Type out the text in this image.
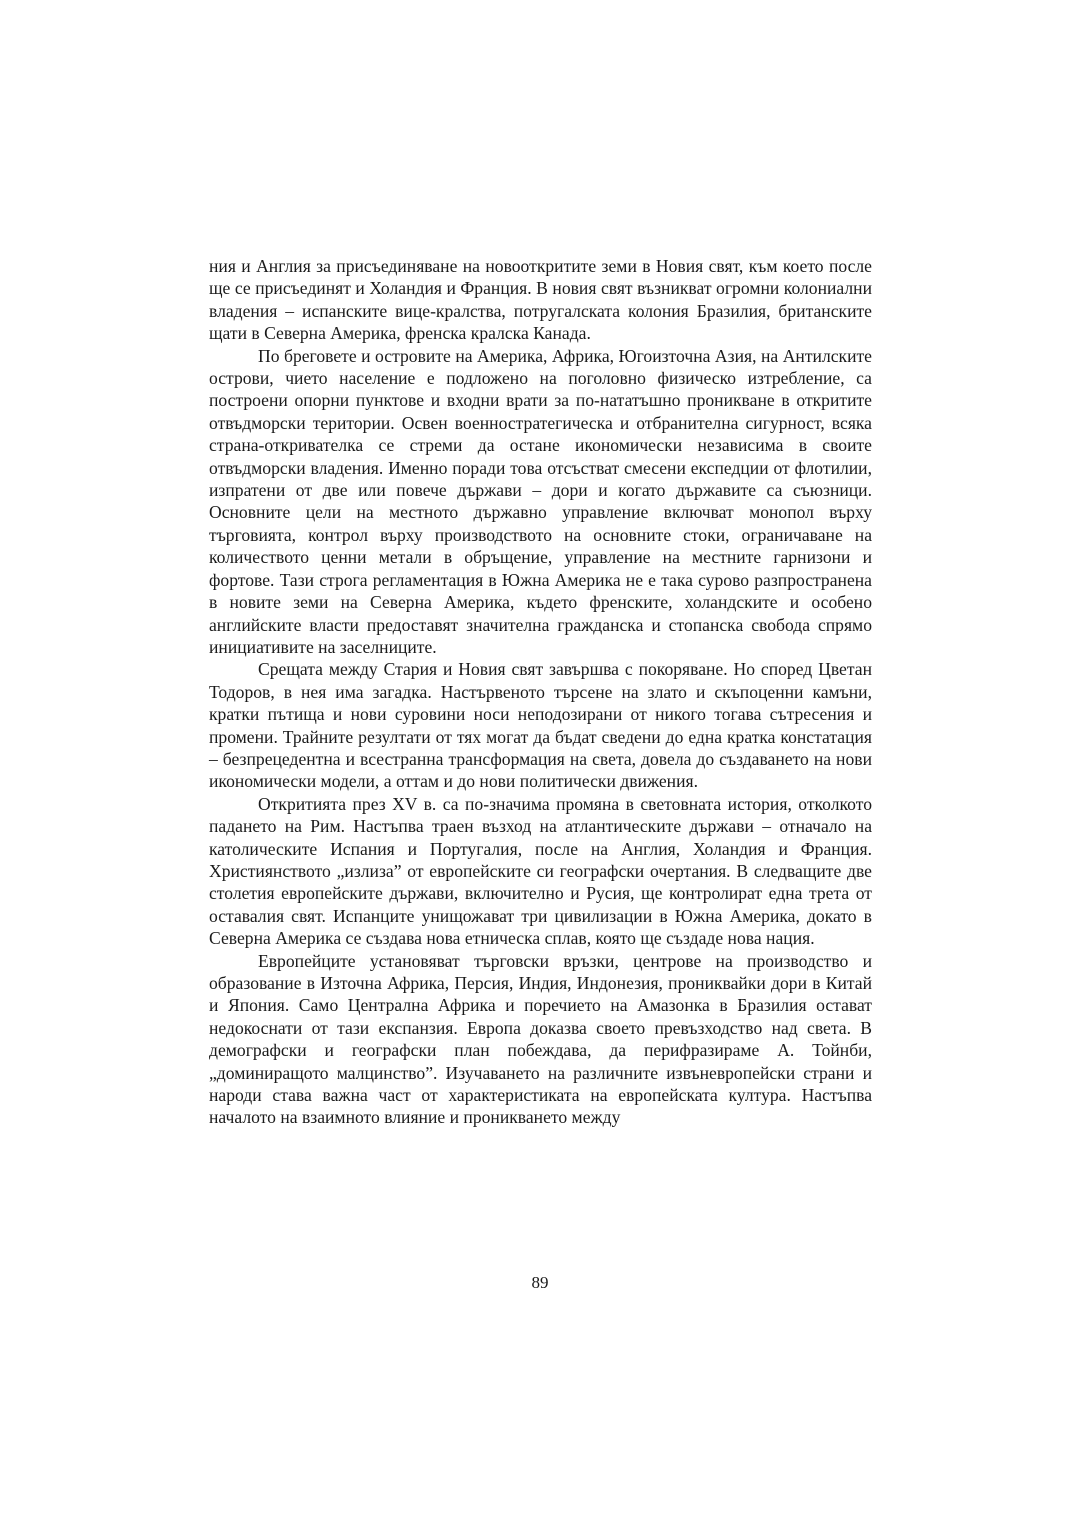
ния и Англия за присъединяване на новооткритите земи в Новия свят, към което после ще се присъединят и Холандия и Франция. В новия свят възникват огромни колониални владения – испанските вице-кралства, потругалската колония Бразилия, британските щати в Северна Америка, френска кралска Канада.

По бреговете и островите на Америка, Африка, Югоизточна Азия, на Антилските острови, чието население е подложено на поголовно физическо изтребление, са построени опорни пунктове и входни врати за по-нататъшно проникване в откритите отвъдморски територии. Освен военностратегическа и отбранителна сигурност, всяка страна-откривателка се стреми да остане икономически независима в своите отвъдморски владения. Именно поради това отсъстват смесени експедции от флотилии, изпратени от две или повече държави – дори и когато държавите са съюзници. Основните цели на местното държавно управление включват монопол върху търговията, контрол върху производството на основните стоки, ограничаване на количеството ценни метали в обръщение, управление на местните гарнизони и фортове. Тази строга регламентация в Южна Америка не е така сурово разпространена в новите земи на Северна Америка, където френските, холандските и особено английските власти предоставят значителна гражданска и стопанска свобода спрямо инициативите на заселниците.

Срещата между Стария и Новия свят завършва с покоряване. Но според Цветан Тодоров, в нея има загадка. Настървеното търсене на злато и скъпоценни камъни, кратки пътища и нови суровини носи неподозирани от никого тогава сътресения и промени. Трайните резултати от тях могат да бъдат сведени до една кратка констатация – безпрецедентна и всестранна трансформация на света, довела до създаването на нови икономически модели, а оттам и до нови политически движения.

Откритията през XV в. са по-значима промяна в световната история, отколкото падането на Рим. Настъпва траен възход на атлантическите държави – отначало на католическите Испания и Португалия, после на Англия, Холандия и Франция. Християнството „излиза” от европейските си географски очертания. В следващите две столетия европейските държави, включително и Русия, ще контролират една трета от оставалия свят. Испанците унищожават три цивилизации в Южна Америка, докато в Северна Америка се създава нова етническа сплав, която ще създаде нова нация.

Европейците установяват търговски връзки, центрове на производство и образование в Източна Африка, Персия, Индия, Индонезия, прониквайки дори в Китай и Япония. Само Централна Африка и поречието на Амазонка в Бразилия остават недокоснати от тази експанзия. Европа доказва своето превъзходство над света. В демографски и географски план побеждава, да перифразираме А. Тойнби, „доминиращото малцинство”. Изучаването на различните извъневропейски страни и народи става важна част от характеристиката на европейската култура. Настъпва началото на взаимното влияние и проникването между

89
